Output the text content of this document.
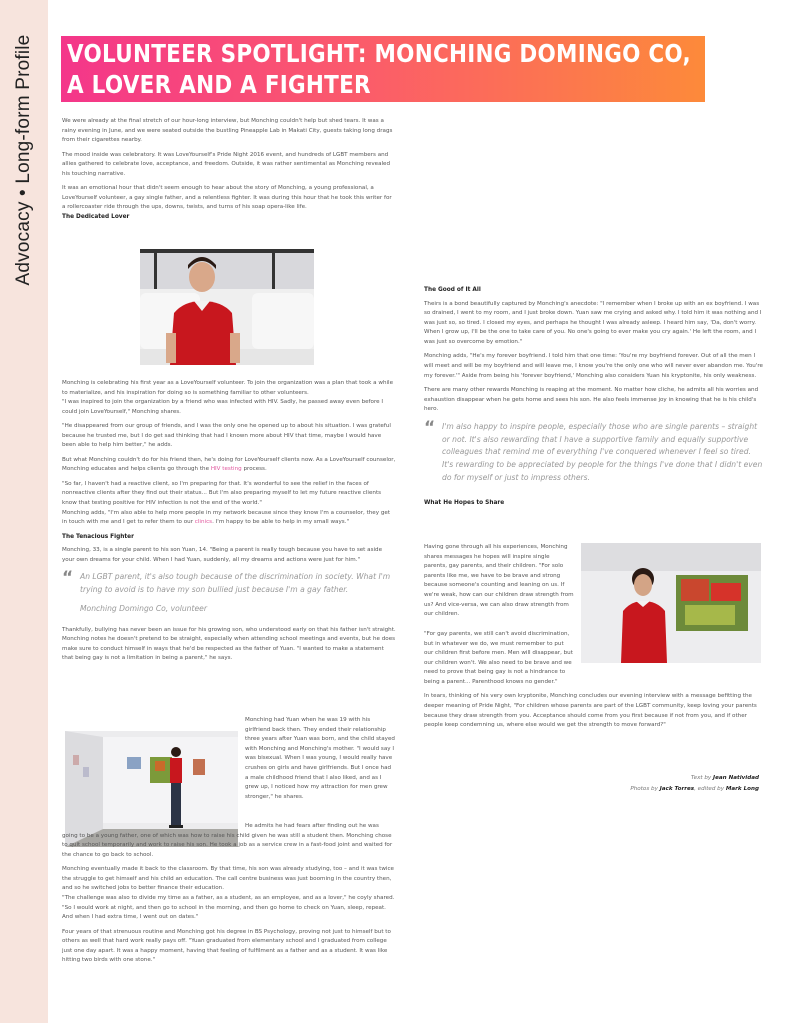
Advocacy • Long-form Profile VOLUNTEER SPOTLIGHT: MONCHING DOMINGO CO, A LOVER AND A FIGHTER

We were already at the final stretch of our hour-long interview, but Monching couldn't help but shed tears. It was a rainy evening in June, and we were seated outside the bustling Pineapple Lab in Makati City, guests taking long drags from their cigarettes nearby.

The mood inside was celebratory. It was LoveYourself's Pride Night 2016 event, and hundreds of LGBT members and allies gathered to celebrate love, acceptance, and freedom. Outside, it was rather sentimental as Monching revealed his touching narrative.

It was an emotional hour that didn't seem enough to hear about the story of Monching, a young professional, a LoveYourself volunteer, a gay single father, and a relentless fighter. It was during this hour that he took this writer for a rollercoaster ride through the ups, downs, twists, and turns of his soap opera-like life.

The Dedicated Lover

Monching is celebrating his first year as a LoveYourself volunteer. To join the organization was a plan that took a while to materialize, and his inspiration for doing so is something familiar to other volunteers.

"I was inspired to join the organization by a friend who was infected with HIV. Sadly, he passed away even before I could join LoveYourself," Monching shares.

"He disappeared from our group of friends, and I was the only one he opened up to about his situation. I was grateful because he trusted me, but I do get sad thinking that had I known more about HIV that time, maybe I would have been able to help him better," he adds.

But what Monching couldn't do for his friend then, he's doing for LoveYourself clients now. As a LoveYourself counselor, Monching educates and helps clients go through the HIV testing process.

"So far, I haven't had a reactive client, so I'm preparing for that. It's wonderful to see the relief in the faces of nonreactive clients after they find out their status... But I'm also preparing myself to let my future reactive clients know that testing positive for HIV infection is not the end of the world."

Monching adds, "I'm also able to help more people in my network because since they know I'm a counselor, they get in touch with me and I get to refer them to our clinics. I'm happy to be able to help in my small ways."

The Tenacious Fighter

Monching, 33, is a single parent to his son Yuan, 14. "Being a parent is really tough because you have to set aside your own dreams for your child. When I had Yuan, suddenly, all my dreams and actions were just for him."

“ An LGBT parent, it's also tough because of the discrimination in society. What I'm trying to avoid is to have my son bullied just because I'm a gay father.
Monching Domingo Co, volunteer

Thankfully, bullying has never been an issue for his growing son, who understood early on that his father isn't straight. Monching notes he doesn't pretend to be straight, especially when attending school meetings and events, but he does make sure to conduct himself in ways that he'd be respected as the father of Yuan. "I wanted to make a statement that being gay is not a limitation in being a parent," he says.

Monching had Yuan when he was 19 with his girlfriend back then. They ended their relationship three years after Yuan was born, and the child stayed with Monching and Monching's mother. "I would say I was bisexual. When I was young, I would really have crushes on girls and have girlfriends. But I once had a male childhood friend that I also liked, and as I grew up, I noticed how my attraction for men grew stronger," he shares.

He admits he had fears after finding out he was going to be a young father, one of which was how to raise his child given he was still a student then. Monching chose to quit school temporarily and work to raise his son. He took a job as a service crew in a fast-food joint and waited for the chance to go back to school.

Monching eventually made it back to the classroom. By that time, his son was already studying, too – and it was twice the struggle to get himself and his child an education. The call centre business was just booming in the country then, and so he switched jobs to better finance their education.

"The challenge was also to divide my time as a father, as a student, as an employee, and as a lover," he coyly shared. "So I would work at night, and then go to school in the morning, and then go home to check on Yuan, sleep, repeat. And when I had extra time, I went out on dates."

Four years of that strenuous routine and Monching got his degree in BS Psychology, proving not just to himself but to others as well that hard work really pays off. "Yuan graduated from elementary school and I graduated from college just one day apart. It was a happy moment, having that feeling of fulfilment as a father and as a student. It was like hitting two birds with one stone."

The Good of It All

Theirs is a bond beautifully captured by Monching's anecdote: "I remember when I broke up with an ex boyfriend. I was so drained, I went to my room, and I just broke down. Yuan saw me crying and asked why. I told him it was nothing and I was just so, so tired. I closed my eyes, and perhaps he thought I was already asleep. I heard him say, 'Da, don't worry. When I grow up, I'll be the one to take care of you. No one's going to ever make you cry again.' He left the room, and I was just so overcome by emotion."

Monching adds, "He's my forever boyfriend. I told him that one time: 'You're my boyfriend forever. Out of all the men I will meet and will be my boyfriend and will leave me, I know you're the only one who will never ever abandon me. You're my forever.'" Aside from being his 'forever boyfriend,' Monching also considers Yuan his kryptonite, his only weakness.

There are many other rewards Monching is reaping at the moment. No matter how cliche, he admits all his worries and exhaustion disappear when he gets home and sees his son. He also feels immense joy in knowing that he is his child's hero.

“ I'm also happy to inspire people, especially those who are single parents – straight or not. It's also rewarding that I have a supportive family and equally supportive colleagues that remind me of everything I've conquered whenever I feel so tired. It's rewarding to be appreciated by people for the things I've done that I didn't even do for myself or just to impress others.
What He Hopes to Share

Having gone through all his experiences, Monching shares messages he hopes will inspire single parents, gay parents, and their children. "For solo parents like me, we have to be brave and strong because someone's counting and leaning on us. If we're weak, how can our children draw strength from us? And vice-versa, we can also draw strength from our children.

"For gay parents, we still can't avoid discrimination, but in whatever we do, we must remember to put our children first before men. Men will disappear, but our children won't. We also need to be brave and we need to prove that being gay is not a hindrance to being a parent... Parenthood knows no gender."

In tears, thinking of his very own kryptonite, Monching concludes our evening interview with a message befitting the deeper meaning of Pride Night, "For children whose parents are part of the LGBT community, keep loving your parents because they draw strength from you. Acceptance should come from you first because if not from you, and if other people keep condemning us, where else would we get the strength to move forward?"

Text by Jean Natividad
Photos by Jack Torres, edited by Mark Long
